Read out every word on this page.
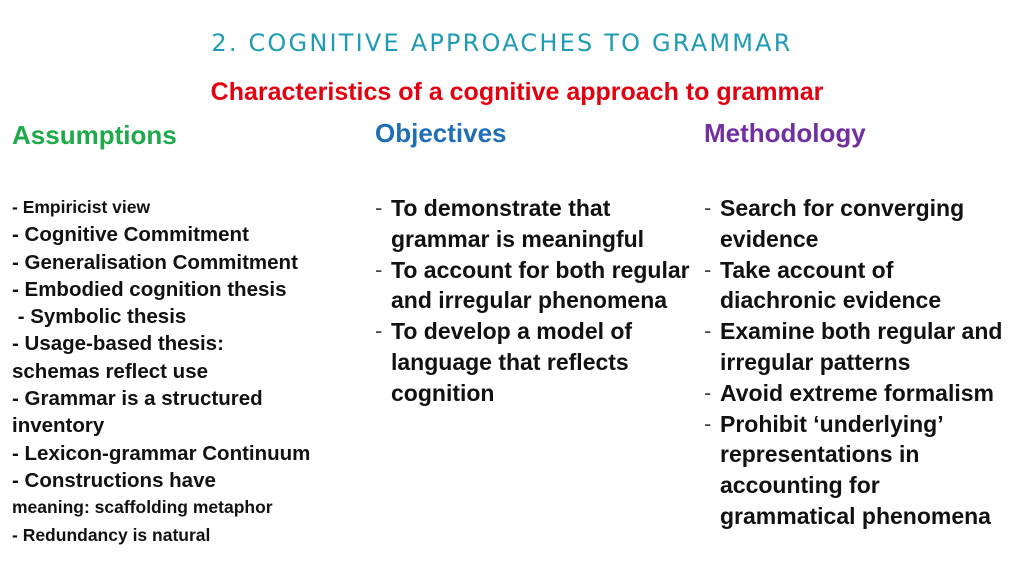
2. COGNITIVE APPROACHES TO GRAMMAR
Characteristics of a cognitive approach to grammar
Assumptions	Objectives	Methodology
- Empiricist view
- Cognitive Commitment
- Generalisation Commitment
- Embodied cognition thesis
- Symbolic thesis
- Usage-based thesis:
schemas reflect use
- Grammar is a structured
inventory
- Lexicon-grammar Continuum
- Constructions have
meaning: scaffolding metaphor
- Redundancy is natural
- To demonstrate that grammar is meaningful
- To account for both regular and irregular phenomena
- To develop a model of language that reflects cognition
- Search for converging evidence
- Take account of diachronic evidence
- Examine both regular and irregular patterns
- Avoid extreme formalism
- Prohibit ‘underlying’ representations in accounting for grammatical phenomena
